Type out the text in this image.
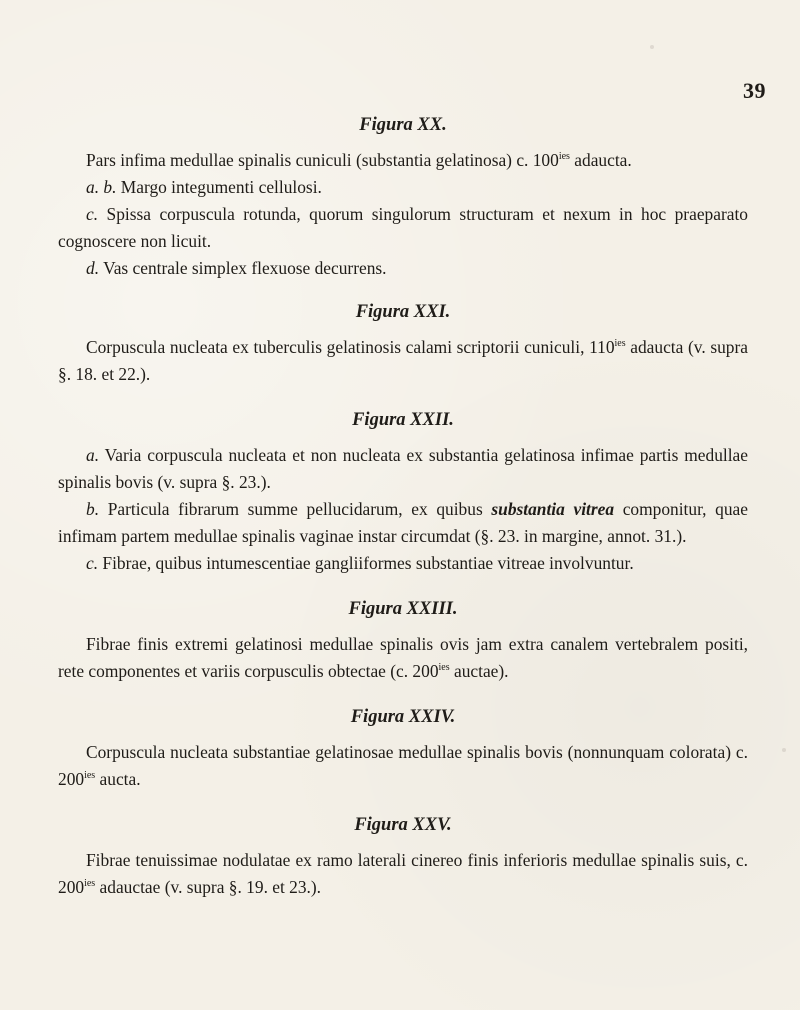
39

Figura XX.

Pars infima medullae spinalis cuniculi (substantia gelatinosa) c. $100^{ies}$ adaucta.

a. b. Margo integumenti cellulosi.

c. Spissa corpuscula rotunda, quorum singulorum structuram et nexum in hoc praeparato cognoscere non licuit.

d. Vas centrale simplex flexuose decurrens.

Figura XXI.

Corpuscula nucleata ex tuberculis gelatinosis calami scriptorii cuniculi, $110^{ies}$ adaucta (v. supra §. 18. et 22.).

Figura XXII.

a. Varia corpuscula nucleata et non nucleata ex substantia gelatinosa infimae partis medullae spinalis bovis (v. supra §. 23.).

b. Particula fibrarum summe pellucidarum, ex quibus substantia vitrea componitur, quae infimam partem medullae spinalis vaginae instar circumdat (§. 23. in margine, annot. 31.).

c. Fibrae, quibus intumescentiae gangliiformes substantiae vitreae involvuntur.

Figura XXIII.

Fibrae finis extremi gelatinosi medullae spinalis ovis jam extra canalem vertebralem positi, rete componentes et variis corpusculis obtectae (c. $200^{ies}$ auctae).

Figura XXIV.

Corpuscula nucleata substantiae gelatinosae medullae spinalis bovis (nonnunquam colorata) c. $200^{ies}$ aucta.

Figura XXV.

Fibrae tenuissimae nodulatae ex ramo laterali cinereo finis inferioris medullae spinalis suis, c. $200^{ies}$ adauctae (v. supra §. 19. et 23.).
